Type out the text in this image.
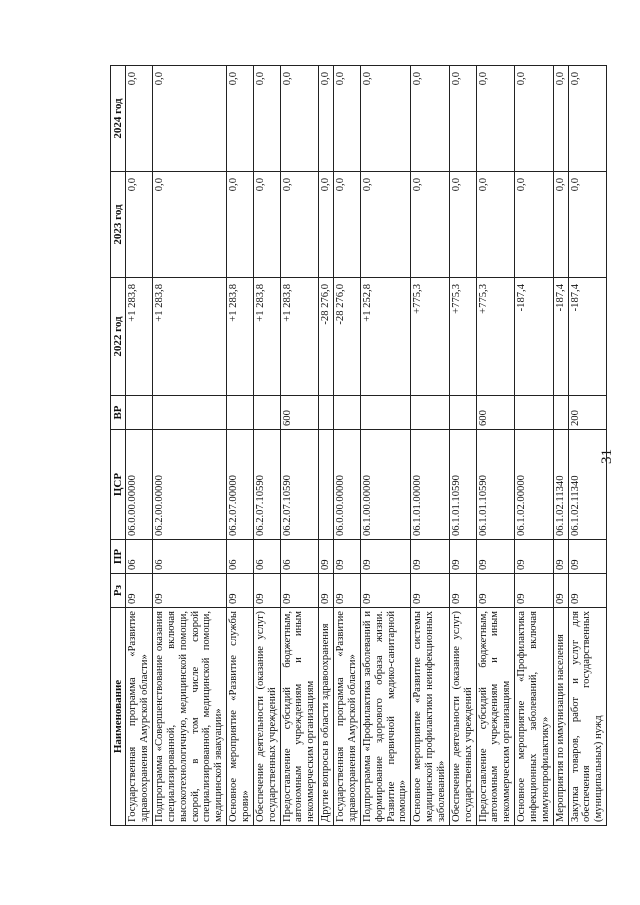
31
Наименование	Рз	ПР	ЦСР	ВР	2022 год	2023 год	2024 год
Государственная программа «Развитие здравоохранения Амурской области»	09	06	06.0.00.00000		+1 283,8	0,0	0,0
Подпрограмма «Совершенствование оказания специализированной, включая высокотехнологичную, медицинской помощи, скорой, в том числе скорой специализированной, медицинской помощи, медицинской эвакуации»	09	06	06.2.00.00000		+1 283,8	0,0	0,0
Основное мероприятие «Развитие службы крови»	09	06	06.2.07.00000		+1 283,8	0,0	0,0
Обеспечение деятельности (оказание услуг) государственных учреждений	09	06	06.2.07.10590		+1 283,8	0,0	0,0
Предоставление субсидий бюджетным, автономным учреждениям и иным некоммерческим организациям	09	06	06.2.07.10590	600	+1 283,8	0,0	0,0
Другие вопросы в области здравоохранения	09	09			-28 276,0	0,0	0,0
Государственная программа «Развитие здравоохранения Амурской области»	09	09	06.0.00.00000		-28 276,0	0,0	0,0
Подпрограмма «Профилактика заболеваний и формирование здорового образа жизни. Развитие первичной медико-санитарной помощи»	09	09	06.1.00.00000		+1 252,8	0,0	0,0
Основное мероприятие «Развитие системы медицинской профилактики неинфекционных заболеваний»	09	09	06.1.01.00000		+775,3	0,0	0,0
Обеспечение деятельности (оказание услуг) государственных учреждений	09	09	06.1.01.10590		+775,3	0,0	0,0
Предоставление субсидий бюджетным, автономным учреждениям и иным некоммерческим организациям	09	09	06.1.01.10590	600	+775,3	0,0	0,0
Основное мероприятие «Профилактика инфекционных заболеваний, включая иммунопрофилактику»	09	09	06.1.02.00000		-187,4	0,0	0,0
Мероприятия по иммунизации населения	09	09	06.1.02.11340		-187,4	0,0	0,0
Закупка товаров, работ и услуг для обеспечения государственных (муниципальных) нужд	09	09	06.1.02.11340	200	-187,4	0,0	0,0
